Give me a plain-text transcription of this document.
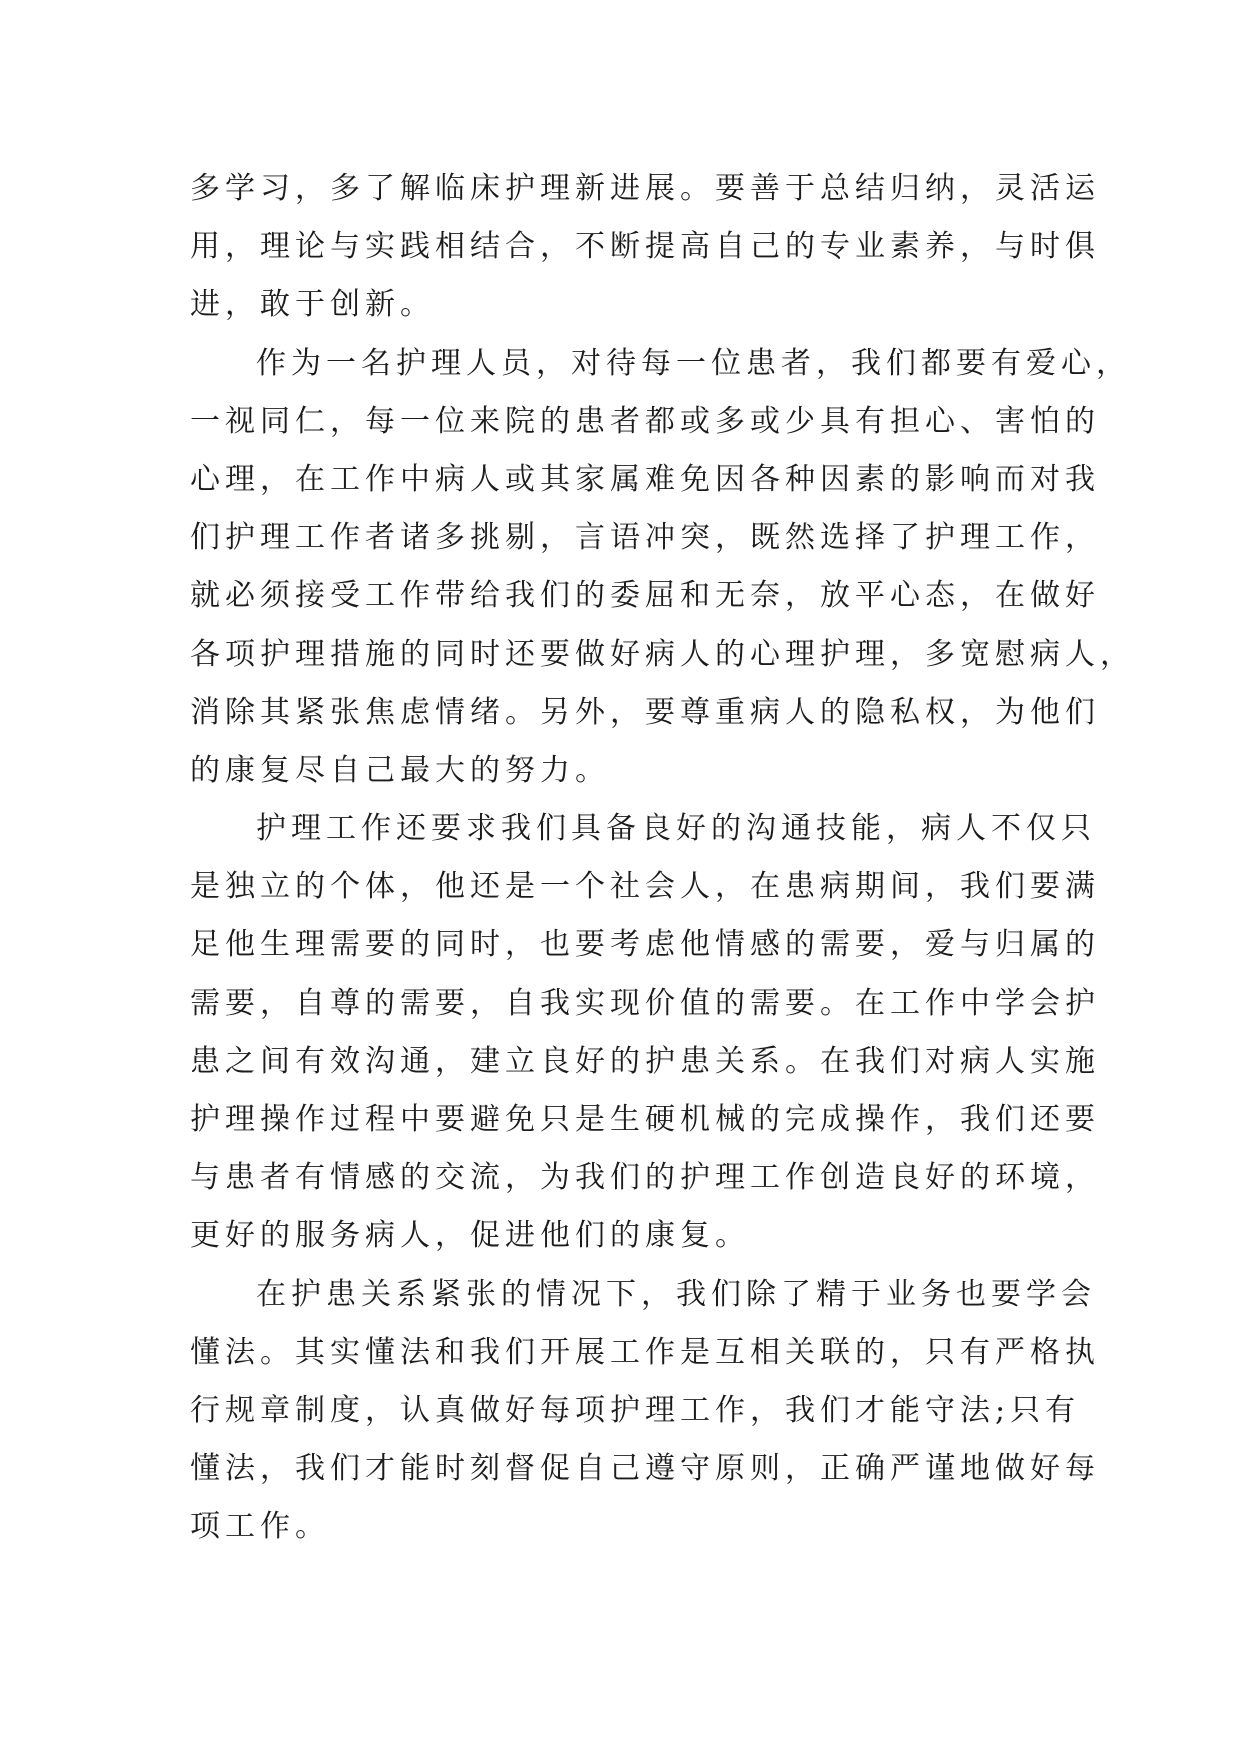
多学习，多了解临床护理新进展。要善于总结归纳，灵活运
用，理论与实践相结合，不断提高自己的专业素养，与时俱
进，敢于创新。
作为一名护理人员，对待每一位患者，我们都要有爱心，
一视同仁，每一位来院的患者都或多或少具有担心、害怕的
心理，在工作中病人或其家属难免因各种因素的影响而对我
们护理工作者诸多挑剔，言语冲突，既然选择了护理工作，
就必须接受工作带给我们的委屈和无奈，放平心态，在做好
各项护理措施的同时还要做好病人的心理护理，多宽慰病人，
消除其紧张焦虑情绪。另外，要尊重病人的隐私权，为他们
的康复尽自己最大的努力。
护理工作还要求我们具备良好的沟通技能，病人不仅只
是独立的个体，他还是一个社会人，在患病期间，我们要满
足他生理需要的同时，也要考虑他情感的需要，爱与归属的
需要，自尊的需要，自我实现价值的需要。在工作中学会护
患之间有效沟通，建立良好的护患关系。在我们对病人实施
护理操作过程中要避免只是生硬机械的完成操作，我们还要
与患者有情感的交流，为我们的护理工作创造良好的环境，
更好的服务病人，促进他们的康复。
在护患关系紧张的情况下，我们除了精于业务也要学会
懂法。其实懂法和我们开展工作是互相关联的，只有严格执
行规章制度，认真做好每项护理工作，我们才能守法;只有
懂法，我们才能时刻督促自己遵守原则，正确严谨地做好每
项工作。
